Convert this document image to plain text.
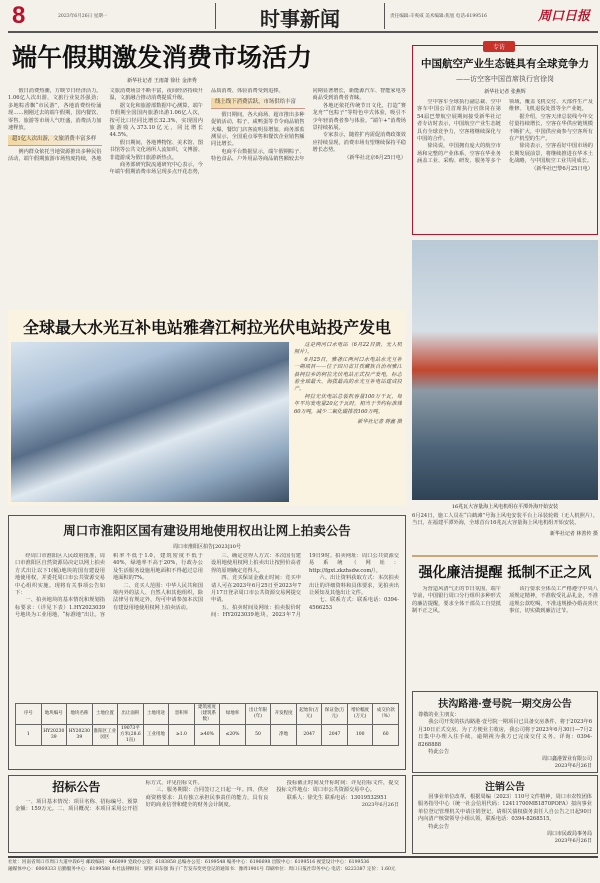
8	2023年6月26日 星期一	时事新闻	责任编辑:辛爽威 美术编辑:焦旭 电话:6199516	周口日报
端午假期激发消费市场活力
新华社记者 王雨萧 徐壮 金津秀

假日消费热潮，方映节日经济活力。1.06亿人次出游，文旅行业复苏强劲；多地粽香飘“市民游”，各地消费纷纷涌现……刚刚过去的端午假期，国内餐饮、零售、旅游等市场人气旺盛，消费活力加速释放。

超1亿人次出游，文旅消费丰富多样

例内群众依托当地资源推出多种民俗活动，端午假期旅游市场热度持续，各地文旅消费场景不断丰富，夜间经济持续升温，文旅融合推动消费提质升级。

据文化和旅游部数据中心测算，端午节假期全国国内旅游出游1.06亿人次，按可比口径同比增长32.3%，实现国内旅游收入373.10亿元，同比增长44.5%。

假日期间，各地博物馆、美术馆、图书馆等公共文化场所人流如织，文博游、非遗游成为假日旅游新热点。

商务部研究院流通研究中心表示，今年端午假期消费市场呈现多点开花态势，品质消费、体验消费受到追捧。

线上线下消费活跃，市场供给丰富

假日期间，各大商场、超市推出多种促销活动，粽子、咸鸭蛋等节令商品销售火爆，餐饮门店客流明显增加。商务部监测显示，全国重点零售和餐饮企业销售额同比增长。

电商平台数据显示，端午假期粽子、特色食品、户外用品等商品销售额较去年同期显著增长，新能源汽车、智能家电等商品受到消费者青睐。

各地还依托传统节日文化，打造“赛龙舟”“包粽子”等特色中式体验，吸引不少年轻消费者参与体验。“端午+”消费场景持续拓展。

专家表示，随着扩内需促消费政策效应持续显现，消费市场有望继续保持平稳增长态势。

（新华社北京6月25日电）

专访
中国航空产业生态链具有全球竞争力
——访空客中国首席执行官徐岗
新华社记者 张燕辉

空中客车全球执行副总裁、空中客车中国公司首席执行官徐岗在第54届巴黎航空展期间接受新华社记者专访时表示，中国航空产业生态链具有全球竞争力，空客将继续深化与中国的合作。

徐岗说，中国拥有庞大的航空市场和完整的产业体系，空客在华业务涵盖工业、采购、研发、服务等多个领域，覆盖飞机交付、大部件生产及维修、飞机退役处置等全产业链。

据介绍，空客天津总装线今年交付量持续增长，空客在华供应链规模不断扩大，中国供应商参与空客所有在产机型的生产。

徐岗表示，空客看好中国市场的长期发展前景，将继续推进在华本土化战略，与中国航空工业共同成长。

（新华社巴黎6月25日电）

16兆瓦大容量海上风电机组在平潭外海开始安装
6月24日，施工人员在“白鹤滩”号海上风电安装平台上吊装轮毂（无人机照片）。当日，在福建平潭外海，全球首台16兆瓦大容量海上风电机组开始安装。
新华社记者 林善传 摄
强化廉洁提醒 抵制不正之风

为营造风清气正的节日氛围，端午节前，中国银行周口分行组织多种形式的廉洁提醒，要求全体干部员工自觉抵制不正之风。

该行要求全体员工严格遵守中央八项规定精神，不准收受礼品礼金，不准违规公款吃喝，不准违规操办婚丧喜庆事宜，切实做到廉洁过节。

扶沟路港·壹号院一期交房公告
尊敬的业主朋友：

我公司开发的扶沟路港·壹号院一期项目已具备交房条件，将于2023年6月30日正式交房。为了方便业主收房，我公司将于2023年6月30日—7月2日集中办理入住手续，逾期视为我方已完成交付义务。详询：0394-8268888

特此公告

周口鑫港置业有限公司
2023年6月26日
注销公告

因事业单位改革，根据周编〔2023〕110号文件精神，周口市农牧团体服务指导中心（统一社会信用代码：12411700MB1870POFA）拟向事业单位登记管理机关申请注销登记，请相关债权债务责任人自公告之日起90日内向清产核资领导小组认领，联系电话：0394-8268515。

特此公告

周口市民政局事务局
2023年6月26日
全球最大水光互补电站雅砻江柯拉光伏电站投产发电

这是两河口水电站（6月22日摄，无人机照片）。

6月25日，雅砻江两河口水电站水光互补一期项目——位于四川省甘孜藏族自治州雅江县柯拉乡的柯拉光伏电站正式投产发电，标志着全球最大、海拔最高的水光互补电站建成投产。

柯拉光伏电站总装机容量100万千瓦，每年平均发电量20亿千瓦时，相当于节约标准煤60万吨，减少二氧化碳排放160万吨。

新华社记者 蒋鑫 摄
周口市淮阳区国有建设用地使用权出让网上拍卖公告
周口市淮阳区拍告[2023]10号

经周口市淮阳区人民政府批准，周口市淮阳区自然资源局决定以网上拍卖方式出让以下1(幅)地块的国有建设用地使用权，并委托周口市公共资源交易中心组织实施。现将有关事项公告如下：

一、拍卖地块的基本情况和规划指标要求：（详见下表）1.HY2023039号地块为工业用地，“标准地”出让。容积率不低于1.0，建筑密度不低于40%，绿地率不高于20%，行政办公及生活服务设施用地面积不得超过总用地面积的7%。

二、竞买人范围：中华人民共和国境内外的法人、自然人和其他组织，除法律另有规定外，均可申请参加本次国有建设用地使用权网上拍卖活动。

三、确定竞得人方式：本次国有建设用地使用权网上拍卖出让按照价高者得的原则确定竞得人。

四、竞买保证金截止时间：竞买申请人可在2023年6月25日至2023年7月17日登录周口市公共资源交易网提交申请。

五、拍卖时间及网址：拍卖报价时间：HY2023039地块，2023年7月19日9时。拍卖网址：周口公共资源交易系统（网址：http://fgxt.zkzhsdw.com/）。

六、出让资料获取方式：本次拍卖出让的详细资料和具体要求，见拍卖出让须知及其他出让文件。

七、联系方式：联系电话：0394-4566253

序号	地块编号	地块名称	土地位置	出让面积	土地用途	容积率	建筑密度（建筑系数）	绿地率	出让年限(年)	开发程度	起始价(万元)	保证金(万元)	增价幅度(万元)	成交价款（%）
1	HY2023039	HY2023039	淮阳区工业园区	19073平方米(28.61亩)	工业用地	≥1.0	≥40%	≤20%	50	净地	2047	2047	100	60
招标公告

一、项目基本情况：项目名称、招标编号、预算金额：159万元。二、项目概况：本项目采用公开招标方式，详见招标文件。

三、服务期限：合同签订之日起一年。四、供应商资格要求：具有独立承担民事责任的能力，具有良好的商业信誉和健全的财务会计制度。

投标截止时间及开标时间：详见招标文件，提交投标文件地点：周口市公共资源交易中心。

联系人：徐先生 联系电话：13019532951

2023年6月26日
社址：河南省周口市周口大道中段6号 邮政编码：466099 党政办公室：6183858 总编办公室：6199548 编务中心：6196698 出版中心：6199516 视觉设计中心：6199536
融媒体中心：6069333 后勤服务中心：6199588 本社法律顾问：梁钢 田东强 海子广告发布变更登记的通知书：豫周1901号 印刷单位：周口日报社印务中心 电话：8223387 定价：1.60元
